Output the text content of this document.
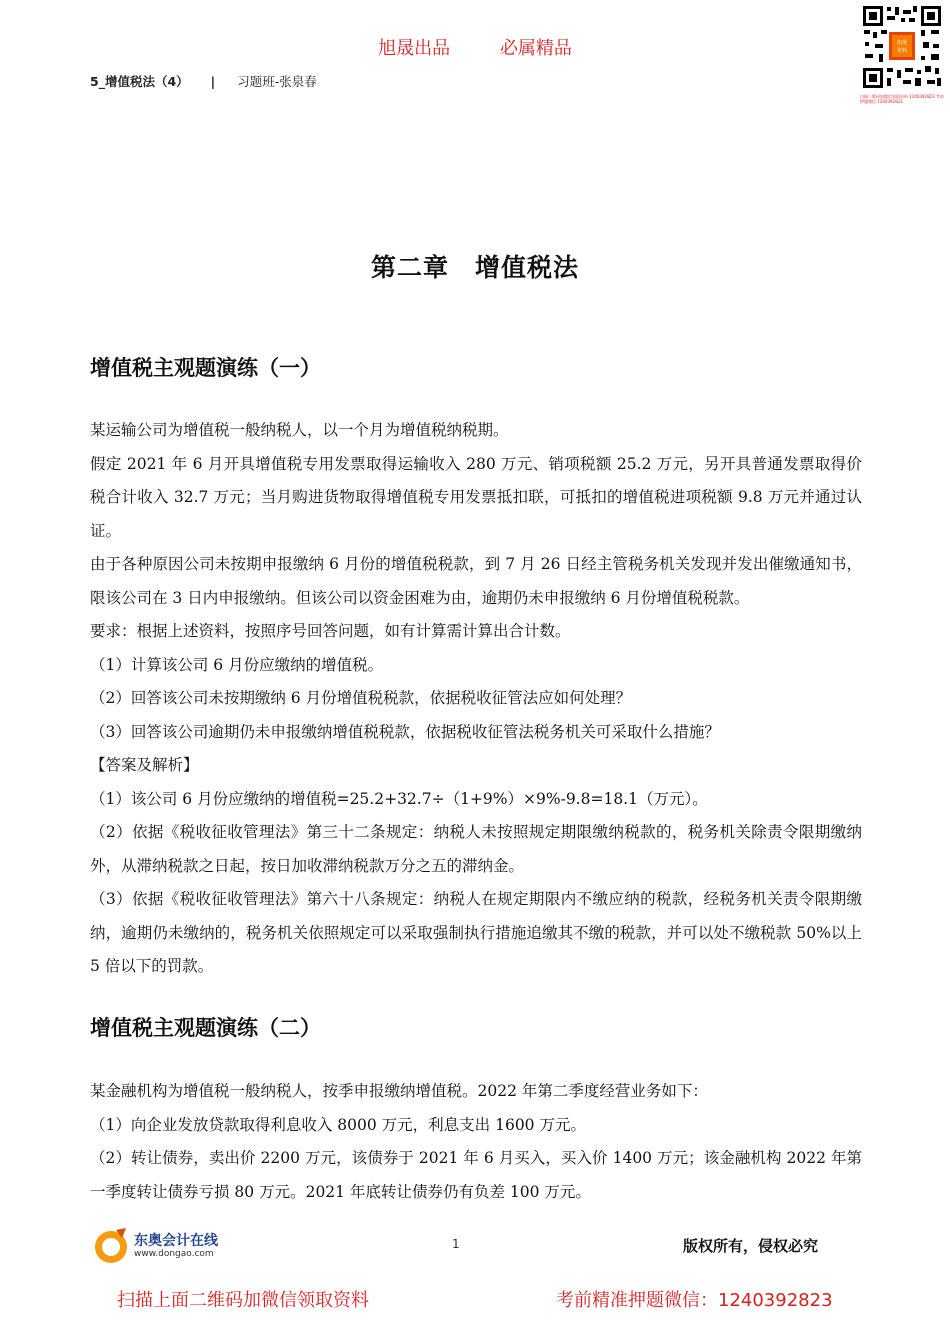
旭晟出品	必属精品
5_增值税法（4） | 习题班-张泉春
旭晟
资料
扫描二维码加微信领取资料 1240392823 考前押题微信 1240392823
第二章　增值税法
增值税主观题演练（一）

某运输公司为增值税一般纳税人，以一个月为增值税纳税期。

假定 2021 年 6 月开具增值税专用发票取得运输收入 280 万元、销项税额 25.2 万元，另开具普通发票取得价税合计收入 32.7 万元；当月购进货物取得增值税专用发票抵扣联，可抵扣的增值税进项税额 9.8 万元并通过认证。

由于各种原因公司未按期申报缴纳 6 月份的增值税税款，到 7 月 26 日经主管税务机关发现并发出催缴通知书，限该公司在 3 日内申报缴纳。但该公司以资金困难为由，逾期仍未申报缴纳 6 月份增值税税款。

要求：根据上述资料，按照序号回答问题，如有计算需计算出合计数。

（1）计算该公司 6 月份应缴纳的增值税。

（2）回答该公司未按期缴纳 6 月份增值税税款，依据税收征管法应如何处理？

（3）回答该公司逾期仍未申报缴纳增值税税款，依据税收征管法税务机关可采取什么措施？

【答案及解析】

（1）该公司 6 月份应缴纳的增值税=25.2+32.7÷（1+9%）×9%-9.8=18.1（万元）。

（2）依据《税收征收管理法》第三十二条规定：纳税人未按照规定期限缴纳税款的，税务机关除责令限期缴纳外，从滞纳税款之日起，按日加收滞纳税款万分之五的滞纳金。

（3）依据《税收征收管理法》第六十八条规定：纳税人在规定期限内不缴应纳的税款，经税务机关责令限期缴纳，逾期仍未缴纳的，税务机关依照规定可以采取强制执行措施追缴其不缴的税款，并可以处不缴税款 50%以上 5 倍以下的罚款。

增值税主观题演练（二）

某金融机构为增值税一般纳税人，按季申报缴纳增值税。2022 年第二季度经营业务如下：

（1）向企业发放贷款取得利息收入 8000 万元，利息支出 1600 万元。

（2）转让债券，卖出价 2200 万元，该债券于 2021 年 6 月买入，买入价 1400 万元；该金融机构 2022 年第一季度转让债券亏损 80 万元。2021 年底转让债券仍有负差 100 万元。

东奥会计在线
www.dongao.com
1	版权所有，侵权必究
扫描上面二维码加微信领取资料	考前精准押题微信：1240392823
